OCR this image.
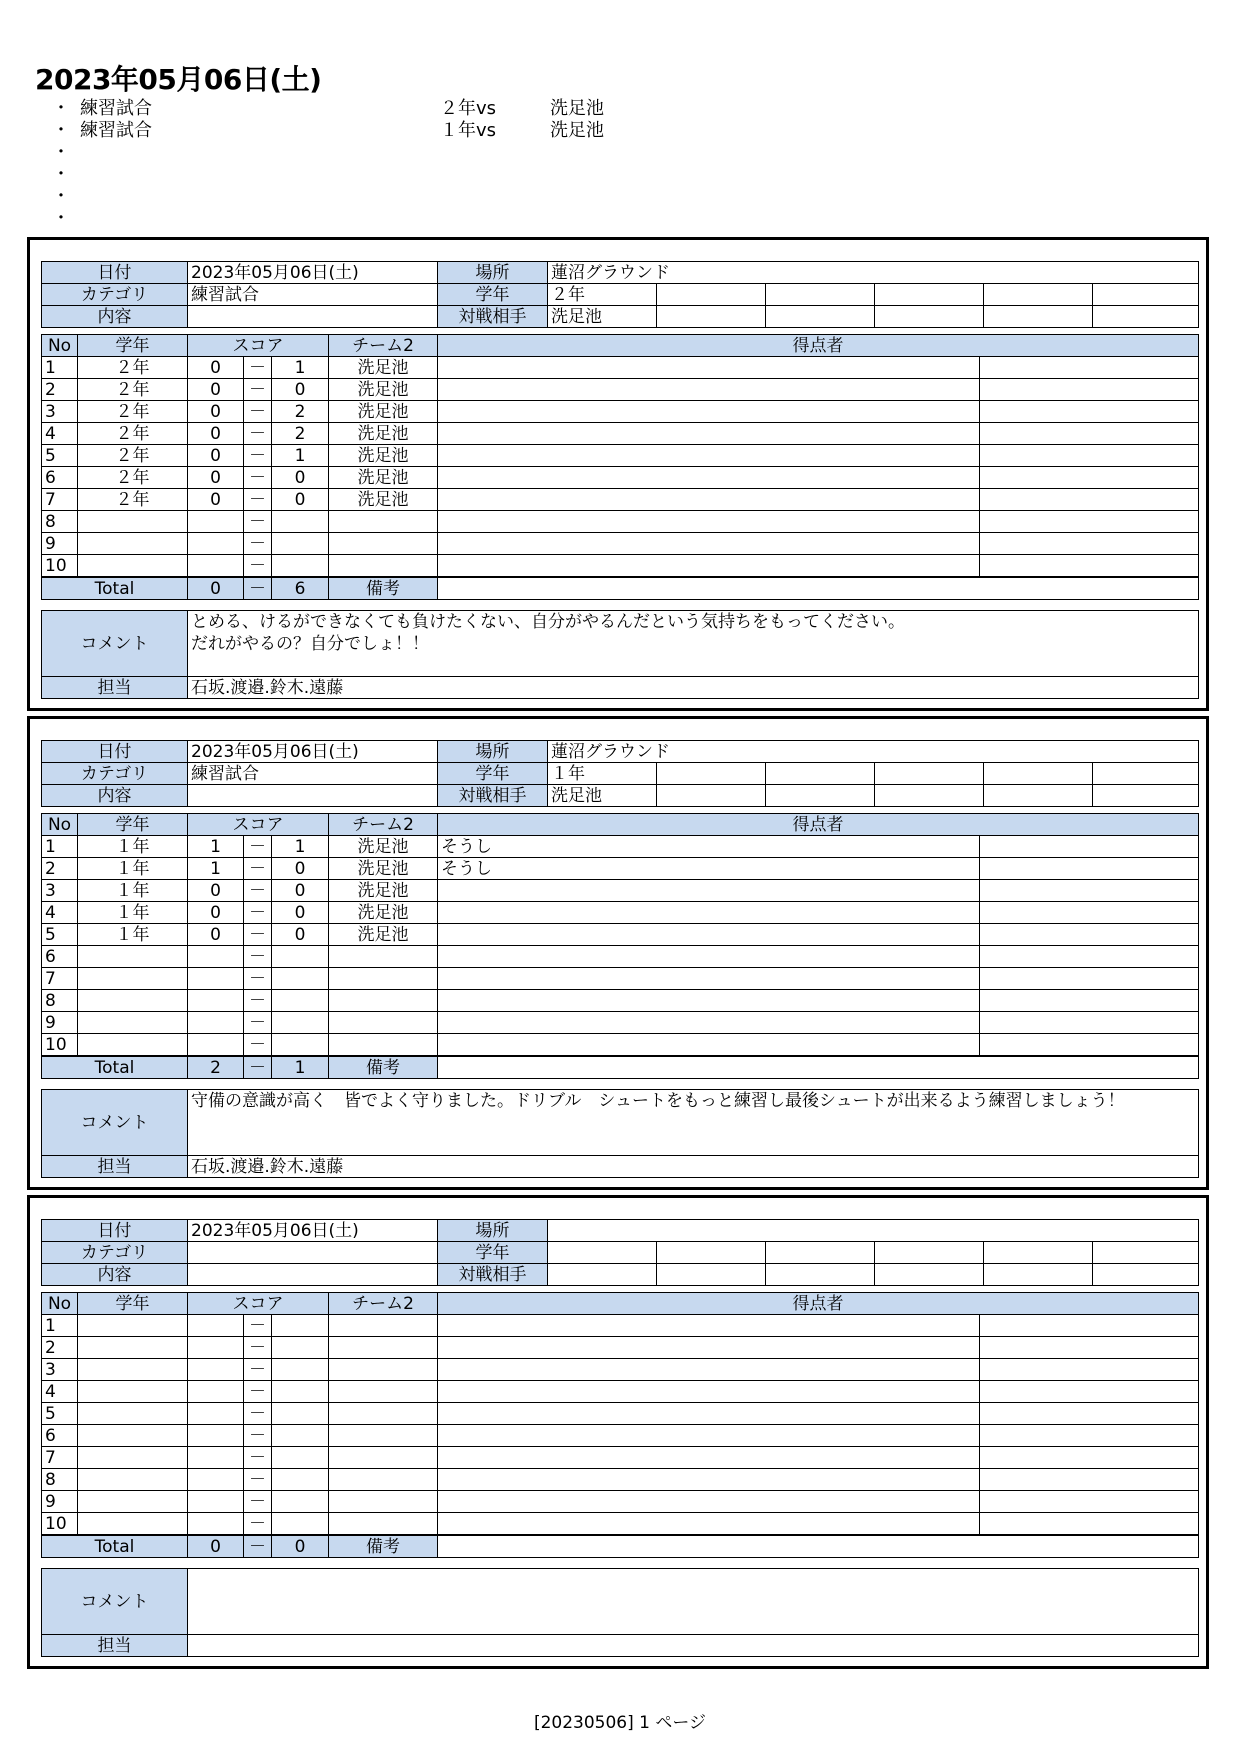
2023年05月06日(土)
・ 練習試合	２年vs	洗足池
・ 練習試合	１年vs	洗足池
・
・
・
・
日付	2023年05月06日(土)	場所	蓮沼グラウンド					
カテゴリ	練習試合	学年	２年					
内容		対戦相手	洗足池					
No	学年	スコア			チーム2	得点者	
1	２年	0	－	1	洗足池		
2	２年	0	－	0	洗足池		
3	２年	0	－	2	洗足池		
4	２年	0	－	2	洗足池		
5	２年	0	－	1	洗足池		
6	２年	0	－	0	洗足池		
7	２年	0	－	0	洗足池		
8			－				
9			－				
10			－				
Total		0	－	6	備考		
コメント	とめる、けるができなくても負けたくない、自分がやるんだという気持ちをもってください。
だれがやるの？自分でしょ！！

担当	石坂.渡邉.鈴木.遠藤
日付	2023年05月06日(土)	場所	蓮沼グラウンド					
カテゴリ	練習試合	学年	１年					
内容		対戦相手	洗足池					
No	学年	スコア			チーム2	得点者	
1	１年	1	－	1	洗足池	そうし	
2	１年	1	－	0	洗足池	そうし	
3	１年	0	－	0	洗足池		
4	１年	0	－	0	洗足池		
5	１年	0	－	0	洗足池		
6			－				
7			－				
8			－				
9			－				
10			－				
Total		2	－	1	備考		
コメント	守備の意識が高く　皆でよく守りました。ドリブル　シュートをもっと練習し最後シュートが出来るよう練習しましょう！

担当	石坂.渡邉.鈴木.遠藤
日付	2023年05月06日(土)	場所						
カテゴリ		学年						
内容		対戦相手						
No	学年	スコア			チーム2	得点者	
1			－				
2			－				
3			－				
4			－				
5			－				
6			－				
7			－				
8			－				
9			－				
10			－				
Total		0	－	0	備考		
コメント	

担当	
[20230506] 1 ページ
